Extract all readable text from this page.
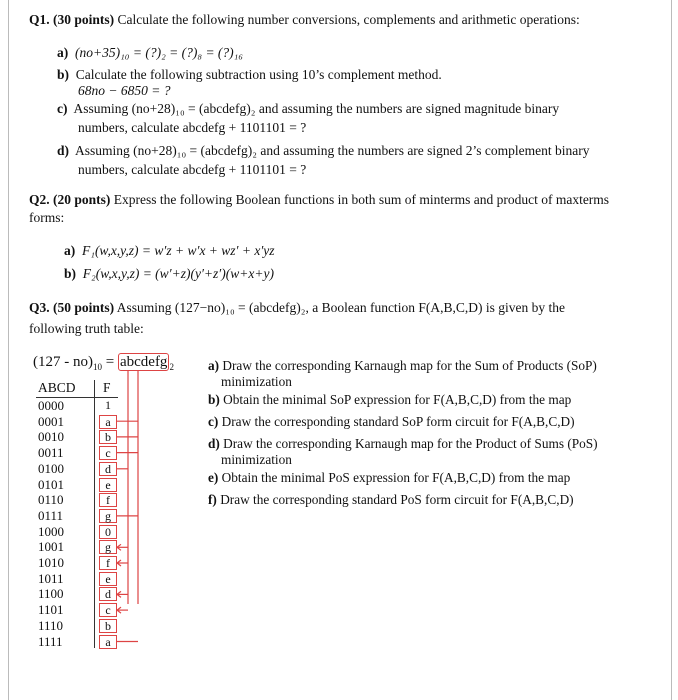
Q1. (30 points) Calculate the following number conversions, complements and arithmetic operations:
a) (no+35)₁₀ = (?)₂ = (?)₈ = (?)₁₆
b) Calculate the following subtraction using 10’s complement method.
68no − 6850 = ?
c) Assuming (no+28)₁₀ = (abcdefg)₂ and assuming the numbers are signed magnitude binary
numbers, calculate abcdefg + 1101101 = ?
d) Assuming (no+28)₁₀ = (abcdefg)₂ and assuming the numbers are signed 2’s complement binary
numbers, calculate abcdefg + 1101101 = ?
Q2. (20 ponts) Express the following Boolean functions in both sum of minterms and product of maxterms
forms:
a) F₁(w,x,y,z) = w′z + w′x + wz′ + x′yz
b) F₂(w,x,y,z) = (w′+z)(y′+z′)(w+x+y)
Q3. (50 points) Assuming (127−no)₁₀ = (abcdefg)₂, a Boolean function F(A,B,C,D) is given by the
following truth table:
$(127 - no)_{10}$ = abcdefg $_2$
ABCD F
0000
0001
0010
0011
0100
0101
0110
0111
1000
1001
1010
1011
1100
1101
1110
1111
1
a
b
c
d
e
f
g
0
g
f
e
d
c
b
a
a) Draw the corresponding Karnaugh map for the Sum of Products (SoP)
minimization
b) Obtain the minimal SoP expression for F(A,B,C,D) from the map
c) Draw the corresponding standard SoP form circuit for F(A,B,C,D)
d) Draw the corresponding Karnaugh map for the Product of Sums (PoS)
minimization
e) Obtain the minimal PoS expression for F(A,B,C,D) from the map
f) Draw the corresponding standard PoS form circuit for F(A,B,C,D)
